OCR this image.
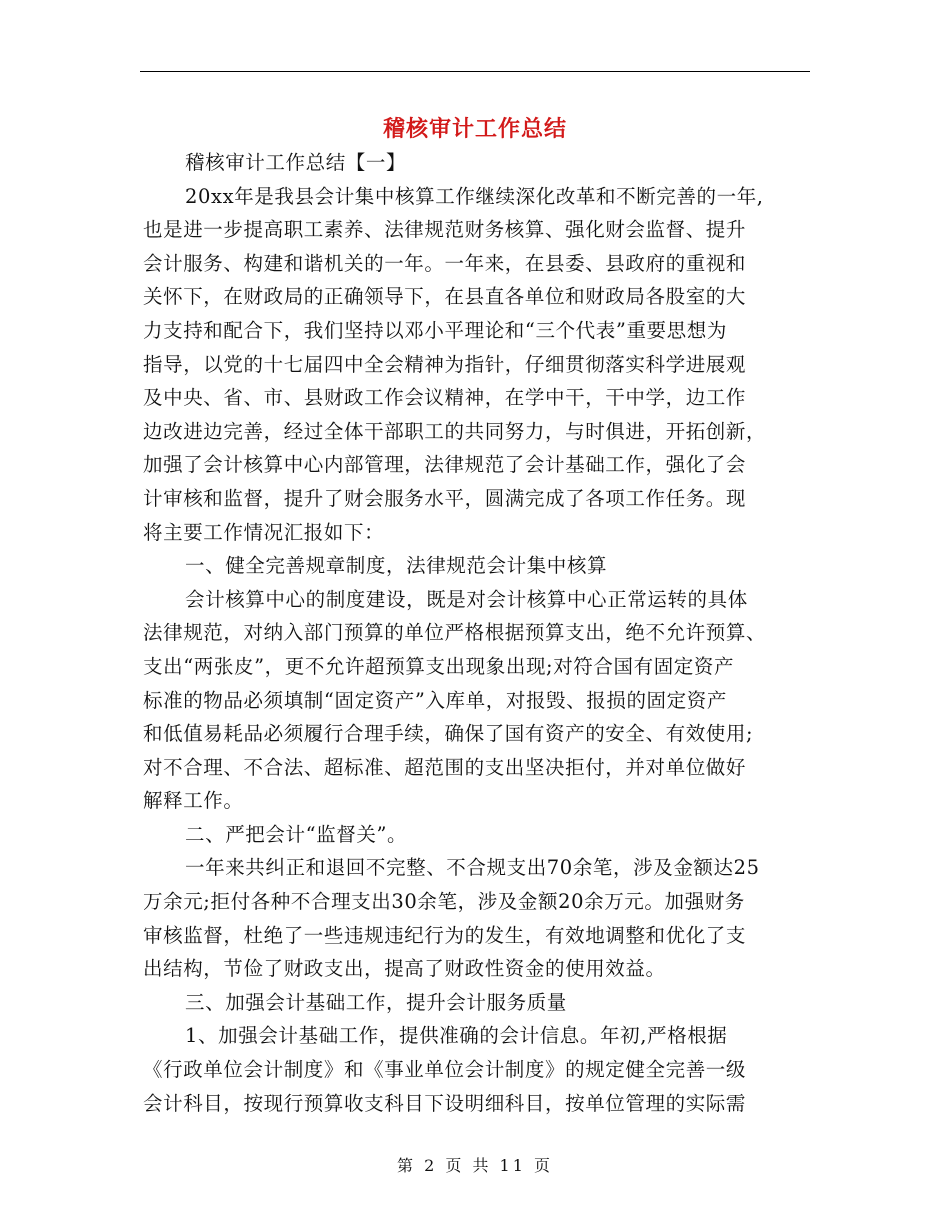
稽核审计工作总结
稽核审计工作总结【一】
20xx年是我县会计集中核算工作继续深化改革和不断完善的一年,
也是进一步提高职工素养、法律规范财务核算、强化财会监督、提升
会计服务、构建和谐机关的一年。一年来，在县委、县政府的重视和
关怀下，在财政局的正确领导下，在县直各单位和财政局各股室的大
力支持和配合下，我们坚持以邓小平理论和“三个代表”重要思想为
指导，以党的十七届四中全会精神为指针，仔细贯彻落实科学进展观
及中央、省、市、县财政工作会议精神，在学中干，干中学，边工作
边改进边完善，经过全体干部职工的共同努力，与时俱进，开拓创新，
加强了会计核算中心内部管理，法律规范了会计基础工作，强化了会
计审核和监督，提升了财会服务水平，圆满完成了各项工作任务。现
将主要工作情况汇报如下：
一、健全完善规章制度，法律规范会计集中核算
会计核算中心的制度建设，既是对会计核算中心正常运转的具体
法律规范，对纳入部门预算的单位严格根据预算支出，绝不允许预算、
支出“两张皮”，更不允许超预算支出现象出现;对符合国有固定资产
标准的物品必须填制“固定资产”入库单，对报毁、报损的固定资产
和低值易耗品必须履行合理手续，确保了国有资产的安全、有效使用;
对不合理、不合法、超标准、超范围的支出坚决拒付，并对单位做好
解释工作。
二、严把会计“监督关”。
一年来共纠正和退回不完整、不合规支出70余笔，涉及金额达25
万余元;拒付各种不合理支出30余笔，涉及金额20余万元。加强财务
审核监督，杜绝了一些违规违纪行为的发生，有效地调整和优化了支
出结构，节俭了财政支出，提高了财政性资金的使用效益。
三、加强会计基础工作，提升会计服务质量
1、加强会计基础工作，提供准确的会计信息。年初,严格根据
《行政单位会计制度》和《事业单位会计制度》的规定健全完善一级
会计科目，按现行预算收支科目下设明细科目，按单位管理的实际需
第 2 页 共 11 页
